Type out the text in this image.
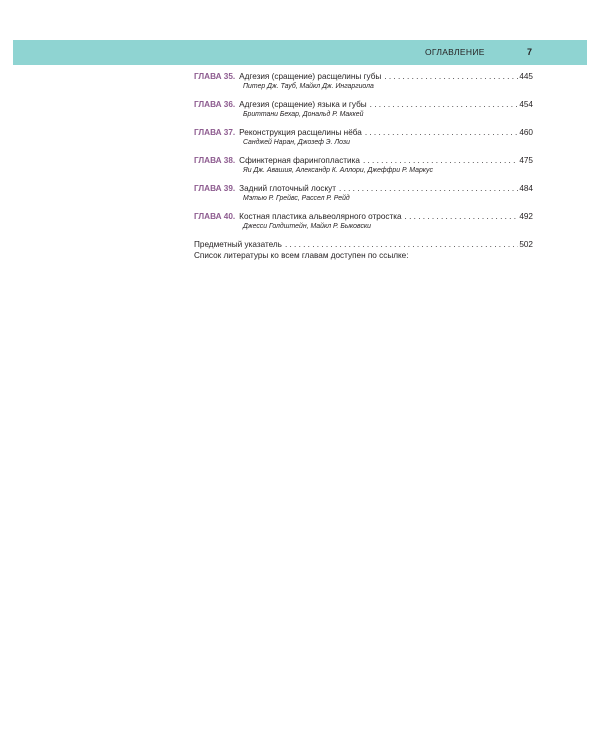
ОГЛАВЛЕНИЕ	7
ГЛАВА 35. Адгезия (сращение) расщелины губы . . .	445
Питер Дж. Тауб, Майкл Дж. Ингаргиола
ГЛАВА 36. Адгезия (сращение) языка и губы . . .	454
Бриттани Бехар, Дональд Р. Маккей
ГЛАВА 37. Реконструкция расщелины нёба . . .	460
Санджей Наран, Джозеф Э. Лози
ГЛАВА 38. Сфинктерная фарингопластика . . .	475
Яи Дж. Авашия, Александр К. Аллори, Джеффри Р. Маркус
ГЛАВА 39. Задний глоточный лоскут . . .	484
Мэтью Р. Грейвс, Рассел Р. Рейд
ГЛАВА 40. Костная пластика альвеолярного отростка . . .	492
Джесси Голдштейн, Майкл Р. Быковски
Предметный указатель . . .	502
Список литературы ко всем главам доступен по ссылке:
